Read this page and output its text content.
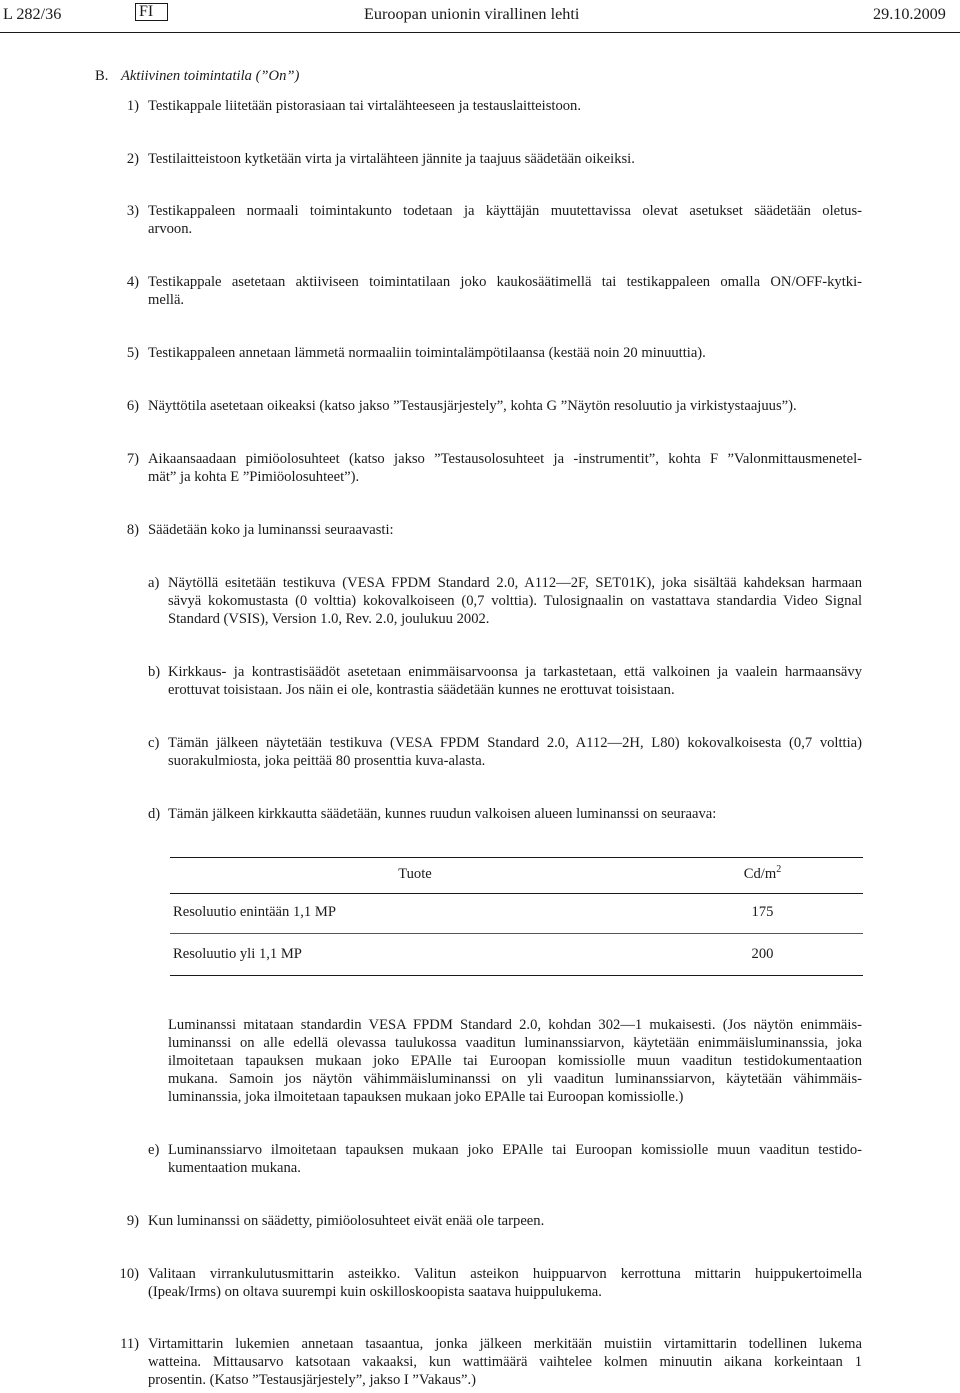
L 282/36	FI	Euroopan unionin virallinen lehti	29.10.2009
B. Aktiivinen toimintatila (”On”)
1) Testikappale liitetään pistorasiaan tai virtalähteeseen ja testauslaitteistoon.
2) Testilaitteistoon kytketään virta ja virtalähteen jännite ja taajuus säädetään oikeiksi.
3) Testikappaleen normaali toimintakunto todetaan ja käyttäjän muutettavissa olevat asetukset säädetään oletus-
arvoon.
4) Testikappale asetetaan aktiiviseen toimintatilaan joko kaukosäätimellä tai testikappaleen omalla ON/OFF-kytki-
mellä.
5) Testikappaleen annetaan lämmetä normaaliin toimintalämpötilaansa (kestää noin 20 minuuttia).
6) Näyttötila asetetaan oikeaksi (katso jakso ”Testausjärjestely”, kohta G ”Näytön resoluutio ja virkistystaajuus”).
7) Aikaansaadaan pimiöolosuhteet (katso jakso ”Testausolosuhteet ja -instrumentit”, kohta F ”Valonmittausmenetel-
mät” ja kohta E ”Pimiöolosuhteet”).
8) Säädetään koko ja luminanssi seuraavasti:
a) Näytöllä esitetään testikuva (VESA FPDM Standard 2.0, A112—2F, SET01K), joka sisältää kahdeksan harmaan
sävyä kokomustasta (0 volttia) kokovalkoiseen (0,7 volttia). Tulosignaalin on vastattava standardia Video Signal
Standard (VSIS), Version 1.0, Rev. 2.0, joulukuu 2002.
b) Kirkkaus- ja kontrastisäädöt asetetaan enimmäisarvoonsa ja tarkastetaan, että valkoinen ja vaalein harmaansävy
erottuvat toisistaan. Jos näin ei ole, kontrastia säädetään kunnes ne erottuvat toisistaan.
c) Tämän jälkeen näytetään testikuva (VESA FPDM Standard 2.0, A112—2H, L80) kokovalkoisesta (0,7 volttia)
suorakulmiosta, joka peittää 80 prosenttia kuva-alasta.
d) Tämän jälkeen kirkkautta säädetään, kunnes ruudun valkoisen alueen luminanssi on seuraava:
Tuote	$Cd/m^2$
Resoluutio enintään 1,1 MP	175
Resoluutio yli 1,1 MP	200
Luminanssi mitataan standardin VESA FPDM Standard 2.0, kohdan 302—1 mukaisesti. (Jos näytön enimmäis-
luminanssi on alle edellä olevassa taulukossa vaaditun luminanssiarvon, käytetään enimmäisluminanssia, joka
ilmoitetaan tapauksen mukaan joko EPAlle tai Euroopan komissiolle muun vaaditun testidokumentaation
mukana. Samoin jos näytön vähimmäisluminanssi on yli vaaditun luminanssiarvon, käytetään vähimmäis-
luminanssia, joka ilmoitetaan tapauksen mukaan joko EPAlle tai Euroopan komissiolle.)
e) Luminanssiarvo ilmoitetaan tapauksen mukaan joko EPAlle tai Euroopan komissiolle muun vaaditun testido-
kumentaation mukana.
9) Kun luminanssi on säädetty, pimiöolosuhteet eivät enää ole tarpeen.
10) Valitaan virrankulutusmittarin asteikko. Valitun asteikon huippuarvon kerrottuna mittarin huippukertoimella
(Ipeak/Irms) on oltava suurempi kuin oskilloskoopista saatava huippulukema.
11) Virtamittarin lukemien annetaan tasaantua, jonka jälkeen merkitään muistiin virtamittarin todellinen lukema
watteina. Mittausarvo katsotaan vakaaksi, kun wattimäärä vaihtelee kolmen minuutin aikana korkeintaan 1
prosentin. (Katso ”Testausjärjestely”, jakso I ”Vakaus”.)
